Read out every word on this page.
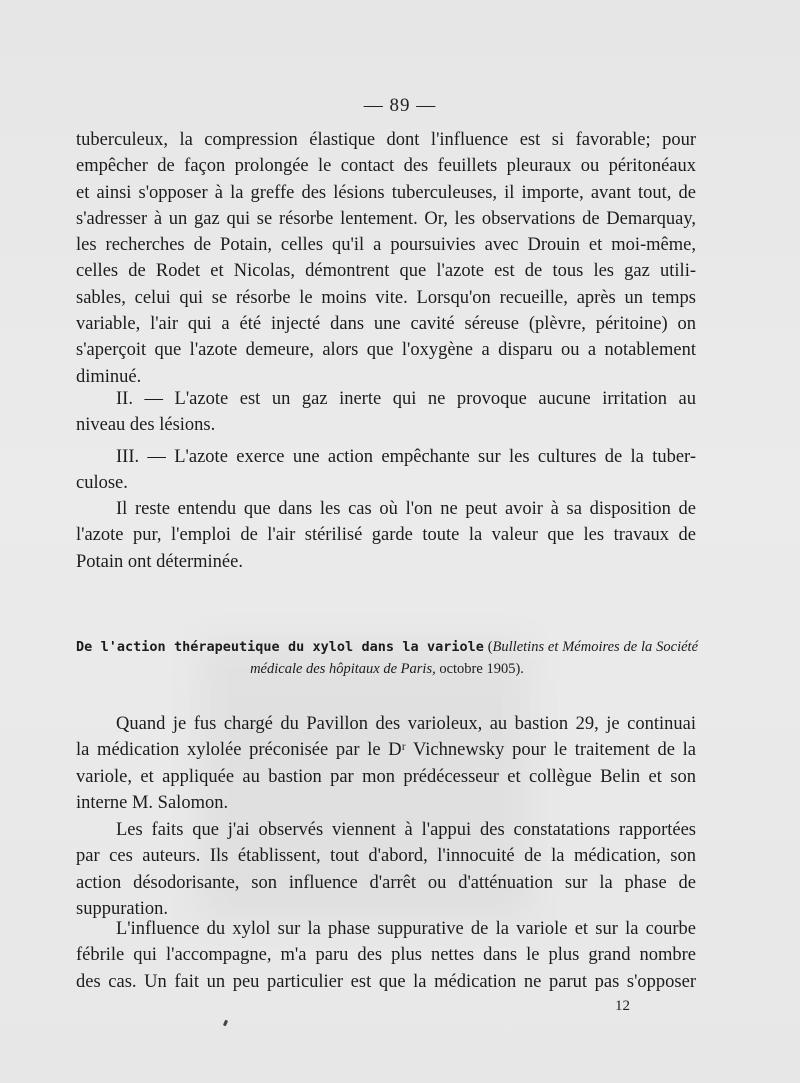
— 89 —

tuberculeux, la compression élastique dont l'influence est si favorable; pour
empêcher de façon prolongée le contact des feuillets pleuraux ou péritonéaux
et ainsi s'opposer à la greffe des lésions tuberculeuses, il importe, avant tout, de
s'adresser à un gaz qui se résorbe lentement. Or, les observations de Demarquay,
les recherches de Potain, celles qu'il a poursuivies avec Drouin et moi-même,
celles de Rodet et Nicolas, démontrent que l'azote est de tous les gaz utili-
sables, celui qui se résorbe le moins vite. Lorsqu'on recueille, après un temps
variable, l'air qui a été injecté dans une cavité séreuse (plèvre, péritoine) on
s'aperçoit que l'azote demeure, alors que l'oxygène a disparu ou a notablement
diminué.

II. — L'azote est un gaz inerte qui ne provoque aucune irritation au
niveau des lésions.

III. — L'azote exerce une action empêchante sur les cultures de la tuber-
culose.

Il reste entendu que dans les cas où l'on ne peut avoir à sa disposition de
l'azote pur, l'emploi de l'air stérilisé garde toute la valeur que les travaux de
Potain ont déterminée.

De l'action thérapeutique du xylol dans la variole (Bulletins et Mémoires de la Société
médicale des hôpitaux de Paris, octobre 1905).

Quand je fus chargé du Pavillon des varioleux, au bastion 29, je continuai
la médication xylolée préconisée par le Dʳ Vichnewsky pour le traitement de la
variole, et appliquée au bastion par mon prédécesseur et collègue Belin et son
interne M. Salomon.

Les faits que j'ai observés viennent à l'appui des constatations rapportées
par ces auteurs. Ils établissent, tout d'abord, l'innocuité de la médication, son
action désodorisante, son influence d'arrêt ou d'atténuation sur la phase de
suppuration.

L'influence du xylol sur la phase suppurative de la variole et sur la courbe
fébrile qui l'accompagne, m'a paru des plus nettes dans le plus grand nombre
des cas. Un fait un peu particulier est que la médication ne parut pas s'opposer

12
